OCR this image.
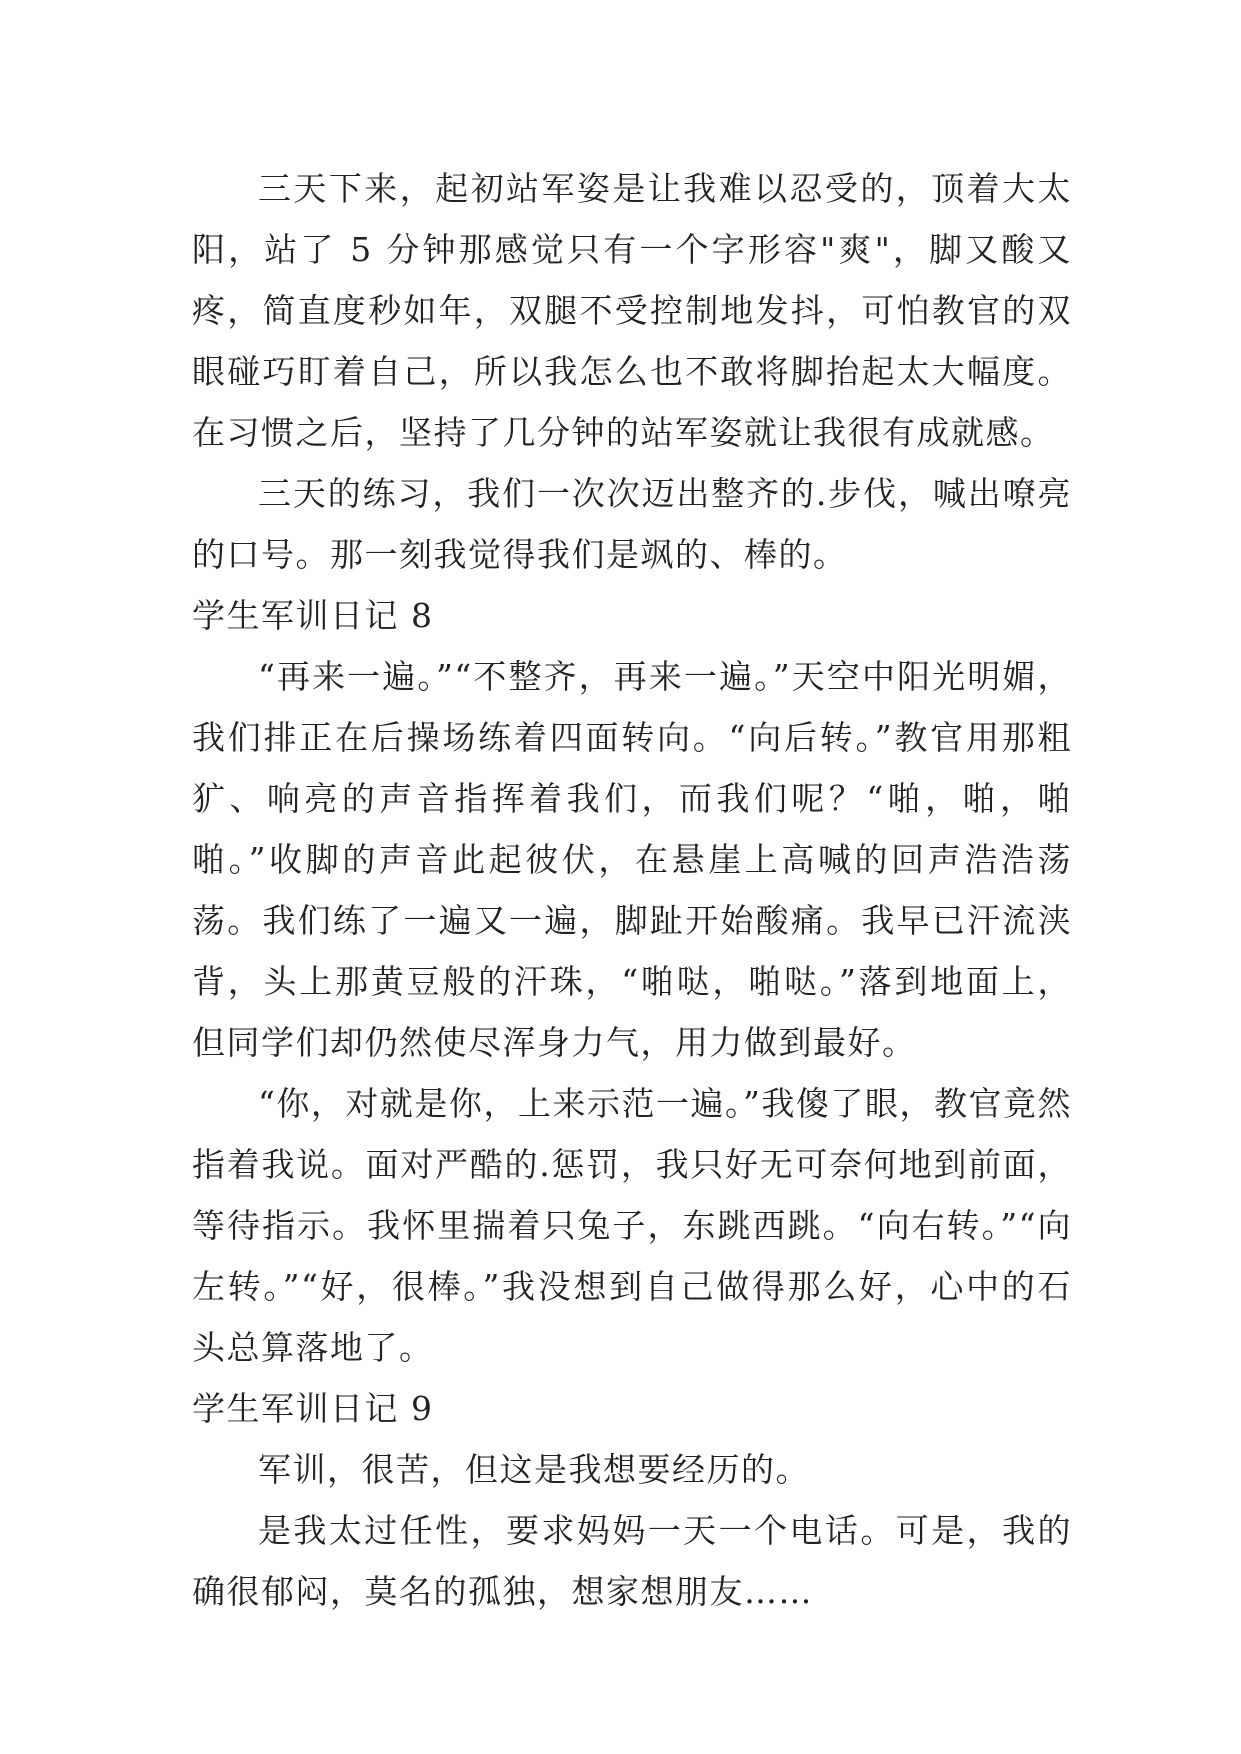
三天下来，起初站军姿是让我难以忍受的，顶着大太阳，站了 5 分钟那感觉只有一个字形容"爽"，脚又酸又疼，简直度秒如年，双腿不受控制地发抖，可怕教官的双眼碰巧盯着自己，所以我怎么也不敢将脚抬起太大幅度。在习惯之后，坚持了几分钟的站军姿就让我很有成就感。

三天的练习，我们一次次迈出整齐的.步伐，喊出嘹亮的口号。那一刻我觉得我们是飒的、棒的。

学生军训日记 8

“再来一遍。”“不整齐，再来一遍。”天空中阳光明媚，我们排正在后操场练着四面转向。“向后转。”教官用那粗犷、响亮的声音指挥着我们，而我们呢？“啪，啪，啪啪。”收脚的声音此起彼伏，在悬崖上高喊的回声浩浩荡荡。我们练了一遍又一遍，脚趾开始酸痛。我早已汗流浃背，头上那黄豆般的汗珠，“啪哒，啪哒。”落到地面上，但同学们却仍然使尽浑身力气，用力做到最好。

“你，对就是你，上来示范一遍。”我傻了眼，教官竟然指着我说。面对严酷的.惩罚，我只好无可奈何地到前面，等待指示。我怀里揣着只兔子，东跳西跳。“向右转。”“向左转。”“好，很棒。”我没想到自己做得那么好，心中的石头总算落地了。

学生军训日记 9

军训，很苦，但这是我想要经历的。

是我太过任性，要求妈妈一天一个电话。可是，我的确很郁闷，莫名的孤独，想家想朋友……
